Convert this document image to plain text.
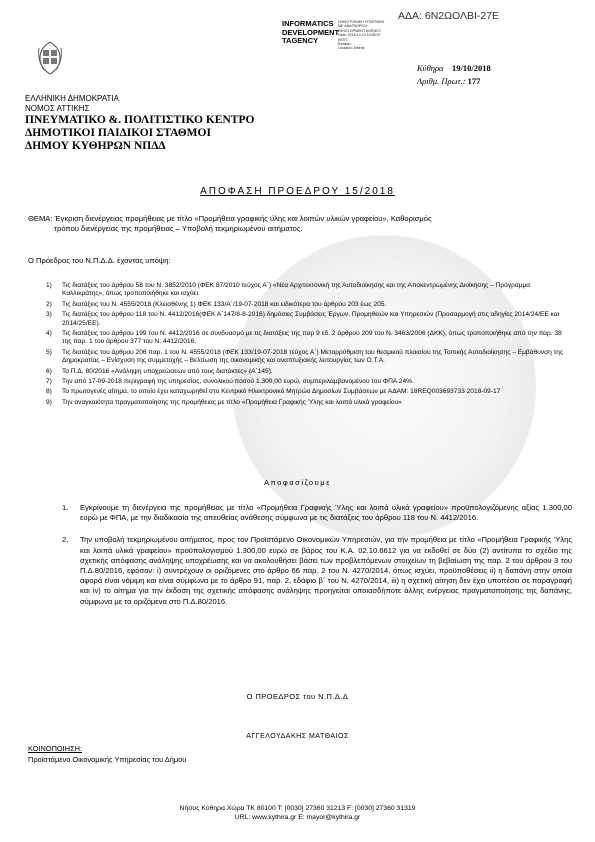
ΑΔΑ: 6Ν2ΩΟΛΒΙ-27Ε
ΕΛΛΗΝΙΚΗ ΔΗΜΟΚΡΑΤΙΑ
ΝΟΜΟΣ ΑΤΤΙΚΗΣ
ΠΝΕΥΜΑΤΙΚΟ &. ΠΟΛΙΤΙΣΤΙΚΟ ΚΕΝΤΡΟ
ΔΗΜΟΤΙΚΟΙ ΠΑΙΔΙΚΟΙ ΣΤΑΘΜΟΙ
ΔΗΜΟΥ ΚΥΘΗΡΩΝ ΝΠΔΔ
INFORMATICS
DEVELOPMENT
TAGENCY
ΗΛΕΚΤΡΟΝΙΚΗ ΥΠΟΓΡΑΦΗ
ΜΕ ΑΝΑΓΝΩΡΙΣΗ
DEVELOPMENT AGENCY
Date: 2018.10.19 10:55:37
EEST
Reason:
Location: Athens
Κύθηρα 19/10/2018
Αριθμ. Πρωτ.: 177
ΑΠΟΦΑΣΗ ΠΡΟΕΔΡΟΥ 15/2018
ΘΕΜΑ: Έγκριση διενέργειας προμήθειας με τίτλο «Προμήθεια γραφικής ύλης και λοιπών υλικών γραφείου», Καθορισμός
τρόπου διενέργειας της προμήθειας – Υποβολή τεκμηριωμένου αιτήματος.
Ο Πρόεδρος του Ν.Π.Δ.Δ. έχοντας υπόψη:
1) Τις διατάξεις του άρθρου 58 του Ν. 3852/2010 (ΦΕΚ 87/2010 τεύχος Α΄) «Νέα Αρχιτεκτονική της Αυτοδιοίκησης και της Αποκεντρωμένης Διοίκησης – Πρόγραμμα Καλλικράτης», όπως τροποποιήθηκε και ισχύει.
2) Τις διατάξεις του Ν. 4555/2018 (Κλεισθένης 1) ΦΕΚ 133/Α΄/19-07-2018 και ειδικότερα του άρθρου 203 έως 205.
3) Τις διατάξεις του άρθρου 118 του Ν. 4412/2016(ΦΕΚ Α΄147/8-8-2016) δημόσιες Συμβάσεις Έργων, Προμηθειών και Υπηρεσιών (Προσαρμογή στις οδηγίες 2014/24/ΕΕ και 2014/25/ΕΕ).
4) Τις διατάξεις του άρθρου 199 του Ν. 4412/2016 σε συνδυασμό με τις διατάξεις της παρ 9 εδ. 2 άρθρου 209 του Ν. 3463/2006 (ΔΚΚ), όπως τροποποιήθηκε από την παρ. 38 της παρ. 1 του άρθρου 377 του Ν. 4412/2016.
5) Τις διατάξεις του άρθρου 206 παρ. 1 του Ν. 4555/2018 (ΦΕΚ 133/19-07-2018 τεύχος Α΄) Μεταρρύθμιση του θεσμικού πλαισίου της Τοπικής Αυτοδιοίκησης – Εμβάθυνση της Δημοκρατίας – Ενίσχυση της συμμετοχής – Βελτίωση της οικονομικής και αναπτυξιακής λειτουργίας των Ο.Τ.Α.
6) Το Π.Δ. 80/2016 «Ανάληψη υποχρεώσεων από τους διατάκτες» (Α΄145).
7) Την από 17-09-2018 περιγραφή της υπηρεσίας, συνολικού ποσού 1.300,00 ευρώ, συμπεριλαμβανομένου του ΦΠΑ 24%.
8) Το πρωτογενές αίτημα, το οποίο έχει καταχωρηθεί στο Κεντρικό Ηλεκτρονικό Μητρώο Δημοσίων Συμβάσεων με ΑΔΑΜ: 18REQ003693733 2018-09-17
9) Την αναγκαιότητα πραγματοποίησης της προμήθειας με τίτλο «Προμήθεια Γραφικής Ύλης και λοιπά υλικά γραφείου»
Αποφασίζουμε
1. Εγκρίνουμε τη διενέργεια της προμήθειας με τίτλο «Προμήθεια Γραφικής Ύλης και λοιπά υλικά γραφείου» προϋπολογιζόμενης αξίας 1.300,00 ευρώ με ΦΠΑ, με την διαδικασία της απευθείας ανάθεσης σύμφωνα με τις διατάξεις του άρθρου 118 του Ν. 4412/2016.
2. Την υποβολή τεκμηριωμένου αιτήματος, προς τον Προϊστάμενο Οικονομικών Υπηρεσιών, για την προμήθεια με τίτλο «Προμήθεια Γραφικής Ύλης και λοιπά υλικά γραφείου» προϋπολογισμού 1.300,00 ευρώ σε βάρος του Κ.Α. 02.10.6612 για να εκδοθεί σε δύο (2) αντίτυπα το σχέδιο της σχετικής απόφασης ανάληψης υποχρέωσης και να ακολουθήσει βάσει των προβλεπόμενων στοιχείων τη βεβαίωση της παρ. 2 του άρθρου 3 του Π.Δ.80/2016, εφόσον: i) συντρέχουν οι οριζόμενες στο άρθρο 66 παρ. 2 του Ν. 4270/2014, όπως ισχύει, προϋποθέσεις ii) η δαπάνη στην οποία αφορά είναι νόμιμη και είναι σύμφωνα με το άρθρο 91, παρ. 2, εδάφιο β΄ του Ν. 4270/2014, iii) η σχετική αίτηση δεν έχει υποπέσει σε παραγραφή και iv) το αίτημα για την έκδοση της σχετικής απόφασης ανάληψης προηγείται οποιασδήποτε άλλης ενέργειας πραγματοποίησης της δαπάνης, σύμφωνα με τα οριζόμενα στο Π.Δ.80/2016.
Ο ΠΡΟΕΔΡΟΣ του Ν.Π.Δ.Δ
ΑΓΓΕΛΟΥΔΑΚΗΣ ΜΑΤΘΑΙΟΣ
ΚΟΙΝΟΠΟΙΗΣΗ:
Προϊστάμενο Οικονομικής Υπηρεσίας του Δήμου
Νήσος Κύθηρα Χώρα ΤΚ 80100 Τ: [0030] 27360 31213 F: [0030] 27360 31319
URL: www.kythira.gr E: mayor@kythira.gr
